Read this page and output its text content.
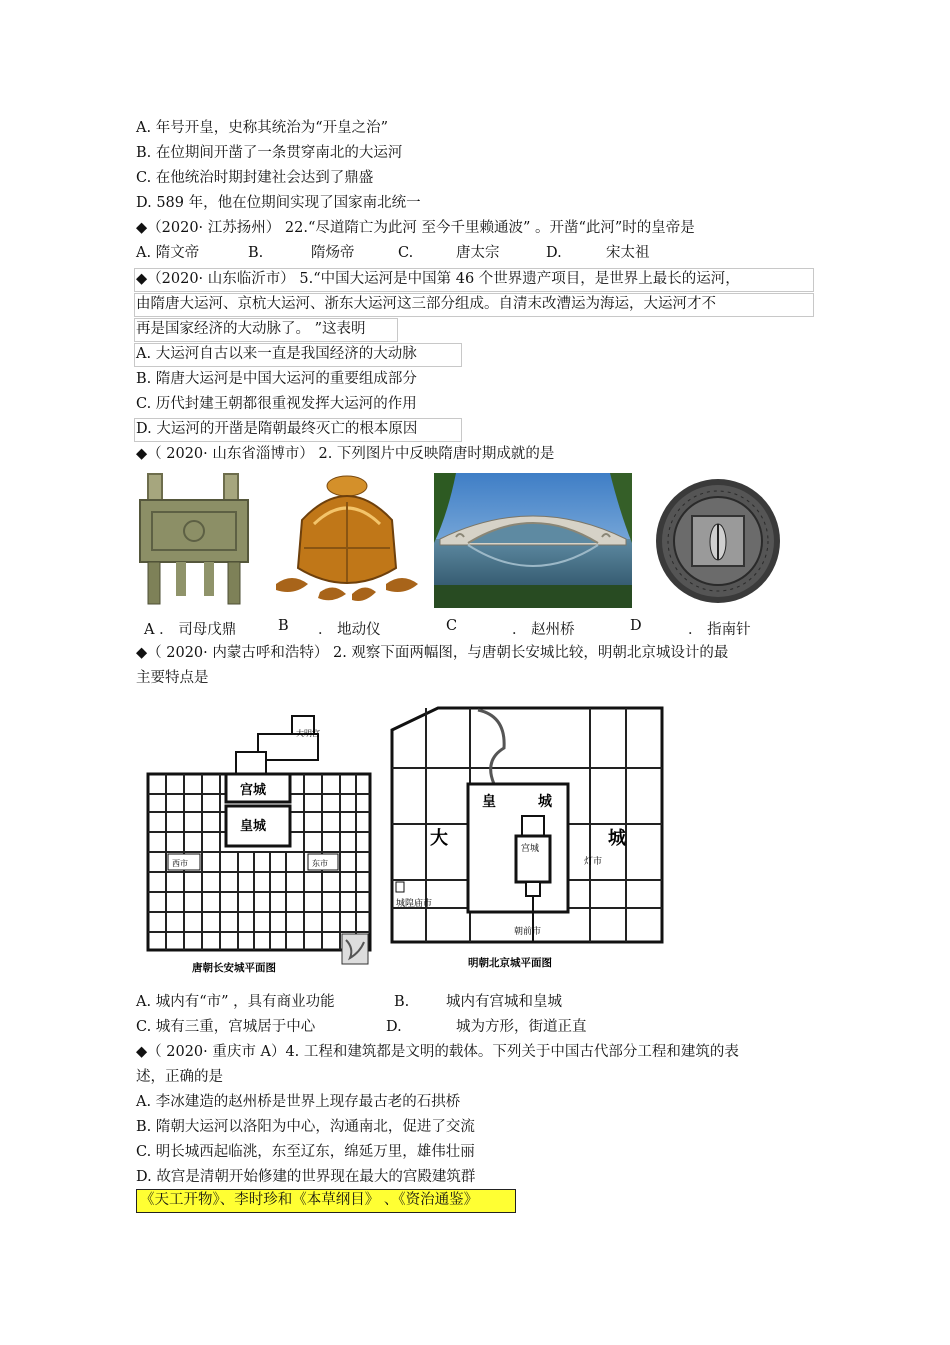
A. 年号开皇，史称其统治为“开皇之治”
B. 在位期间开凿了一条贯穿南北的大运河
C. 在他统治时期封建社会达到了鼎盛
D. 589 年，他在位期间实现了国家南北统一
◆（2020· 江苏扬州） 22.“尽道隋亡为此河 至今千里赖通波” 。开凿“此河”时的皇帝是
A. 隋文帝	B.	隋炀帝	C.	唐太宗	D.	宋太祖
◆（2020· 山东临沂市） 5.“中国大运河是中国第 46 个世界遗产项目，是世界上最长的运河，
由隋唐大运河、京杭大运河、浙东大运河这三部分组成。自清末改漕运为海运，大运河才不
再是国家经济的大动脉了。 ”这表明
A. 大运河自古以来一直是我国经济的大动脉
B. 隋唐大运河是中国大运河的重要组成部分
C. 历代封建王朝都很重视发挥大运河的作用
D. 大运河的开凿是隋朝最终灭亡的根本原因
◆（ 2020· 山东省淄博市） 2. 下列图片中反映隋唐时期成就的是
A ． 司母戊鼎	B ． 地动仪	C	． 赵州桥	D	． 指南针
◆（ 2020· 内蒙古呼和浩特） 2. 观察下面两幅图，与唐朝长安城比较，明朝北京城设计的最
主要特点是
大明宫
宫城
皇城
西市	东市
唐朝长安城平面图
皇	城
宫城
大	城
灯市
城隍庙市
朝前市
明朝北京城平面图
A. 城内有“市” ，具有商业功能	B.	城内有宫城和皇城
C. 城有三重，宫城居于中心	D.	城为方形，街道正直
◆（ 2020· 重庆市 A）4. 工程和建筑都是文明的载体。下列关于中国古代部分工程和建筑的表
述，正确的是
A. 李冰建造的赵州桥是世界上现存最古老的石拱桥
B. 隋朝大运河以洛阳为中心，沟通南北，促进了交流
C. 明长城西起临洮，东至辽东，绵延万里，雄伟壮丽
D. 故宫是清朝开始修建的世界现在最大的宫殿建筑群
《天工开物》、李时珍和《本草纲目》 、《资治通鉴》
